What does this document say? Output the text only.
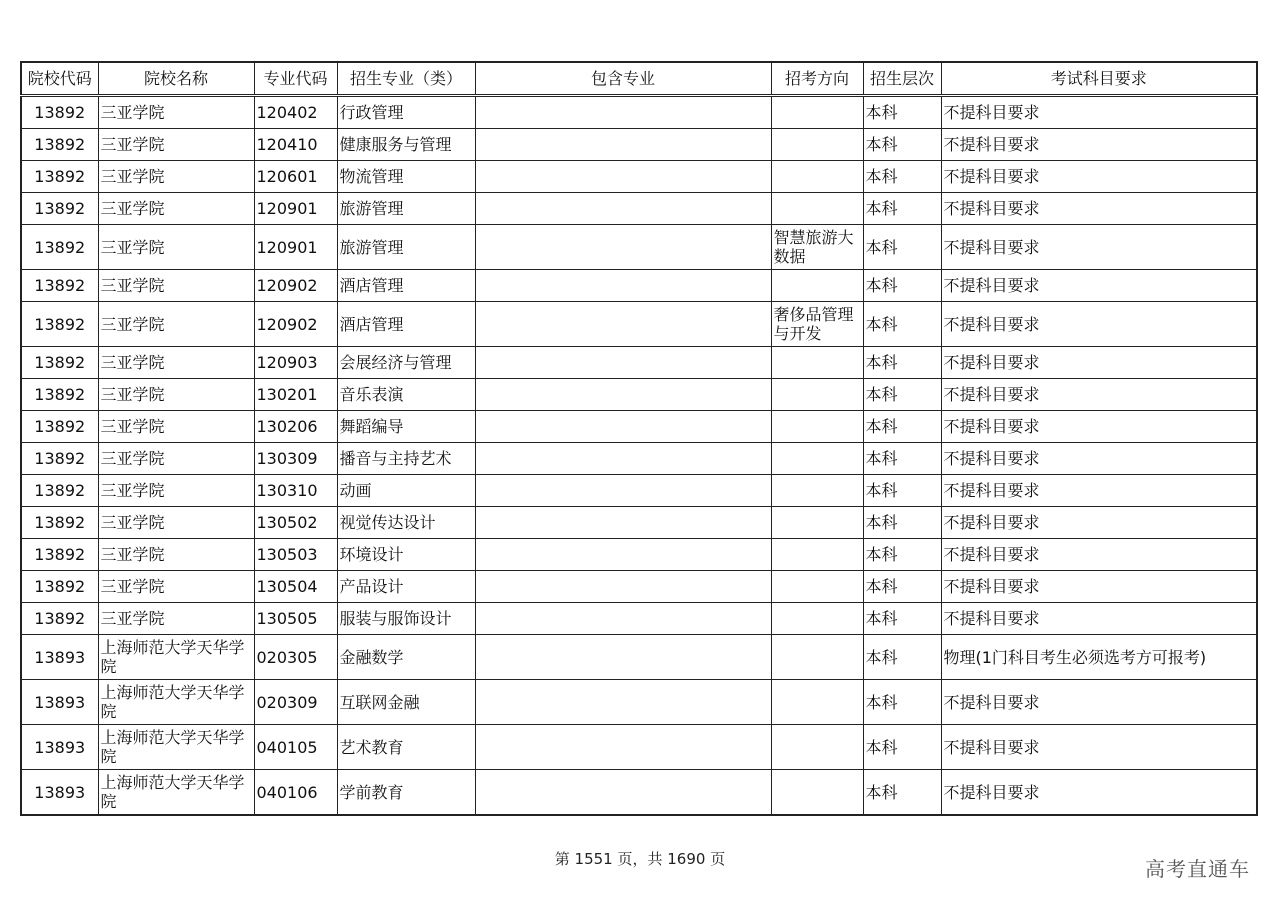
院校代码	院校名称	专业代码	招生专业（类）	包含专业	招考方向	招生层次	考试科目要求
13892	三亚学院	120402	行政管理			本科	不提科目要求
13892	三亚学院	120410	健康服务与管理			本科	不提科目要求
13892	三亚学院	120601	物流管理			本科	不提科目要求
13892	三亚学院	120901	旅游管理			本科	不提科目要求
13892	三亚学院	120901	旅游管理		智慧旅游大数据	本科	不提科目要求
13892	三亚学院	120902	酒店管理			本科	不提科目要求
13892	三亚学院	120902	酒店管理		奢侈品管理与开发	本科	不提科目要求
13892	三亚学院	120903	会展经济与管理			本科	不提科目要求
13892	三亚学院	130201	音乐表演			本科	不提科目要求
13892	三亚学院	130206	舞蹈编导			本科	不提科目要求
13892	三亚学院	130309	播音与主持艺术			本科	不提科目要求
13892	三亚学院	130310	动画			本科	不提科目要求
13892	三亚学院	130502	视觉传达设计			本科	不提科目要求
13892	三亚学院	130503	环境设计			本科	不提科目要求
13892	三亚学院	130504	产品设计			本科	不提科目要求
13892	三亚学院	130505	服装与服饰设计			本科	不提科目要求
13893	上海师范大学天华学院	020305	金融数学			本科	物理(1门科目考生必须选考方可报考)
13893	上海师范大学天华学院	020309	互联网金融			本科	不提科目要求
13893	上海师范大学天华学院	040105	艺术教育			本科	不提科目要求
13893	上海师范大学天华学院	040106	学前教育			本科	不提科目要求
第 1551 页，共 1690 页	高考直通车
